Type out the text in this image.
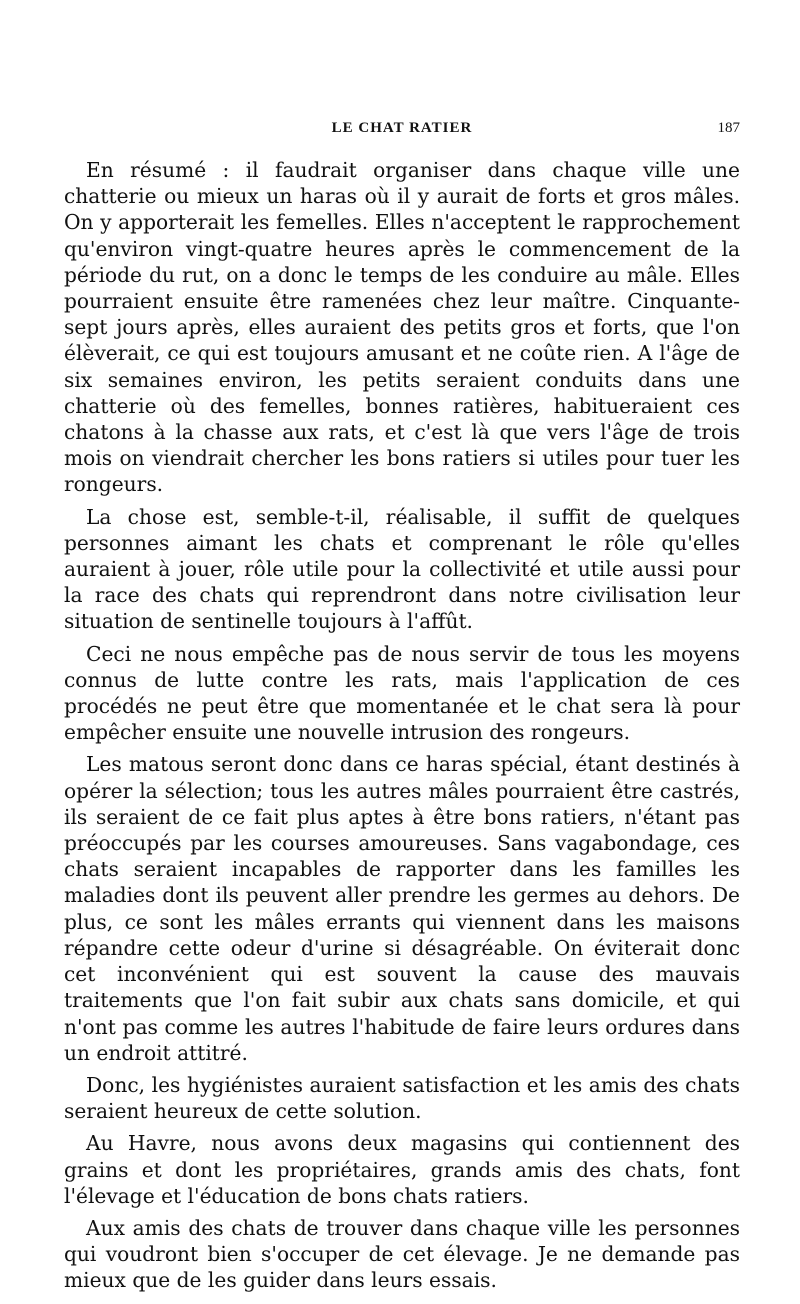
LE CHAT RATIER	187

En résumé : il faudrait organiser dans chaque ville une chatterie ou mieux un haras où il y aurait de forts et gros mâles. On y apporterait les femelles. Elles n'acceptent le rapprochement qu'environ vingt-quatre heures après le commencement de la période du rut, on a donc le temps de les conduire au mâle. Elles pourraient ensuite être ramenées chez leur maître. Cinquante-sept jours après, elles auraient des petits gros et forts, que l'on élèverait, ce qui est toujours amusant et ne coûte rien. A l'âge de six semaines environ, les petits seraient conduits dans une chatterie où des femelles, bonnes ratières, habitueraient ces chatons à la chasse aux rats, et c'est là que vers l'âge de trois mois on viendrait chercher les bons ratiers si utiles pour tuer les rongeurs.

La chose est, semble-t-il, réalisable, il suffit de quelques personnes aimant les chats et comprenant le rôle qu'elles auraient à jouer, rôle utile pour la collectivité et utile aussi pour la race des chats qui reprendront dans notre civilisation leur situation de sentinelle toujours à l'affût.

Ceci ne nous empêche pas de nous servir de tous les moyens connus de lutte contre les rats, mais l'application de ces procédés ne peut être que momentanée et le chat sera là pour empêcher ensuite une nouvelle intrusion des rongeurs.

Les matous seront donc dans ce haras spécial, étant destinés à opérer la sélection; tous les autres mâles pourraient être castrés, ils seraient de ce fait plus aptes à être bons ratiers, n'étant pas préoccupés par les courses amoureuses. Sans vagabondage, ces chats seraient incapables de rapporter dans les familles les maladies dont ils peuvent aller prendre les germes au dehors. De plus, ce sont les mâles errants qui viennent dans les maisons répandre cette odeur d'urine si désagréable. On éviterait donc cet inconvénient qui est souvent la cause des mauvais traitements que l'on fait subir aux chats sans domicile, et qui n'ont pas comme les autres l'habitude de faire leurs ordures dans un endroit attitré.

Donc, les hygiénistes auraient satisfaction et les amis des chats seraient heureux de cette solution.

Au Havre, nous avons deux magasins qui contiennent des grains et dont les propriétaires, grands amis des chats, font l'élevage et l'éducation de bons chats ratiers.

Aux amis des chats de trouver dans chaque ville les personnes qui voudront bien s'occuper de cet élevage. Je ne demande pas mieux que de les guider dans leurs essais.
